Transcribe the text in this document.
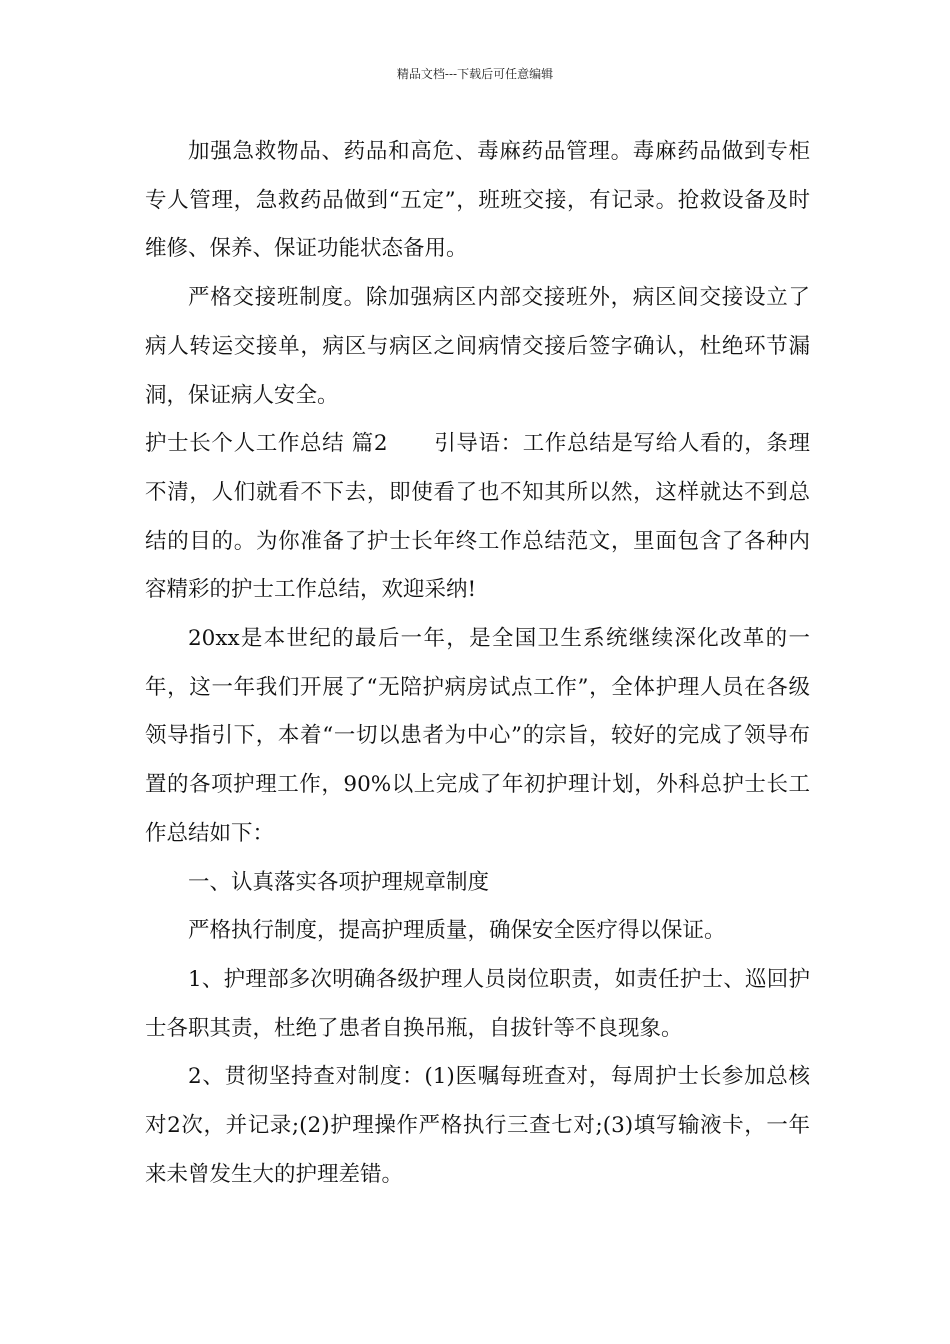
精品文档---下载后可任意编辑

加强急救物品、药品和高危、毒麻药品管理。毒麻药品做到专柜专人管理，急救药品做到“五定”，班班交接，有记录。抢救设备及时维修、保养、保证功能状态备用。

严格交接班制度。除加强病区内部交接班外，病区间交接设立了病人转运交接单，病区与病区之间病情交接后签字确认，杜绝环节漏洞，保证病人安全。

护士长个人工作总结 篇2 引导语：工作总结是写给人看的，条理不清，人们就看不下去，即使看了也不知其所以然，这样就达不到总结的目的。为你准备了护士长年终工作总结范文，里面包含了各种内容精彩的护士工作总结，欢迎采纳!

20xx是本世纪的最后一年，是全国卫生系统继续深化改革的一年，这一年我们开展了“无陪护病房试点工作”，全体护理人员在各级领导指引下，本着“一切以患者为中心”的宗旨，较好的完成了领导布置的各项护理工作，90%以上完成了年初护理计划，外科总护士长工作总结如下：

一、认真落实各项护理规章制度

严格执行制度，提高护理质量，确保安全医疗得以保证。

1、护理部多次明确各级护理人员岗位职责，如责任护士、巡回护士各职其责，杜绝了患者自换吊瓶，自拔针等不良现象。

2、贯彻坚持查对制度：(1)医嘱每班查对，每周护士长参加总核对2次，并记录;(2)护理操作严格执行三查七对;(3)填写输液卡，一年来未曾发生大的护理差错。
